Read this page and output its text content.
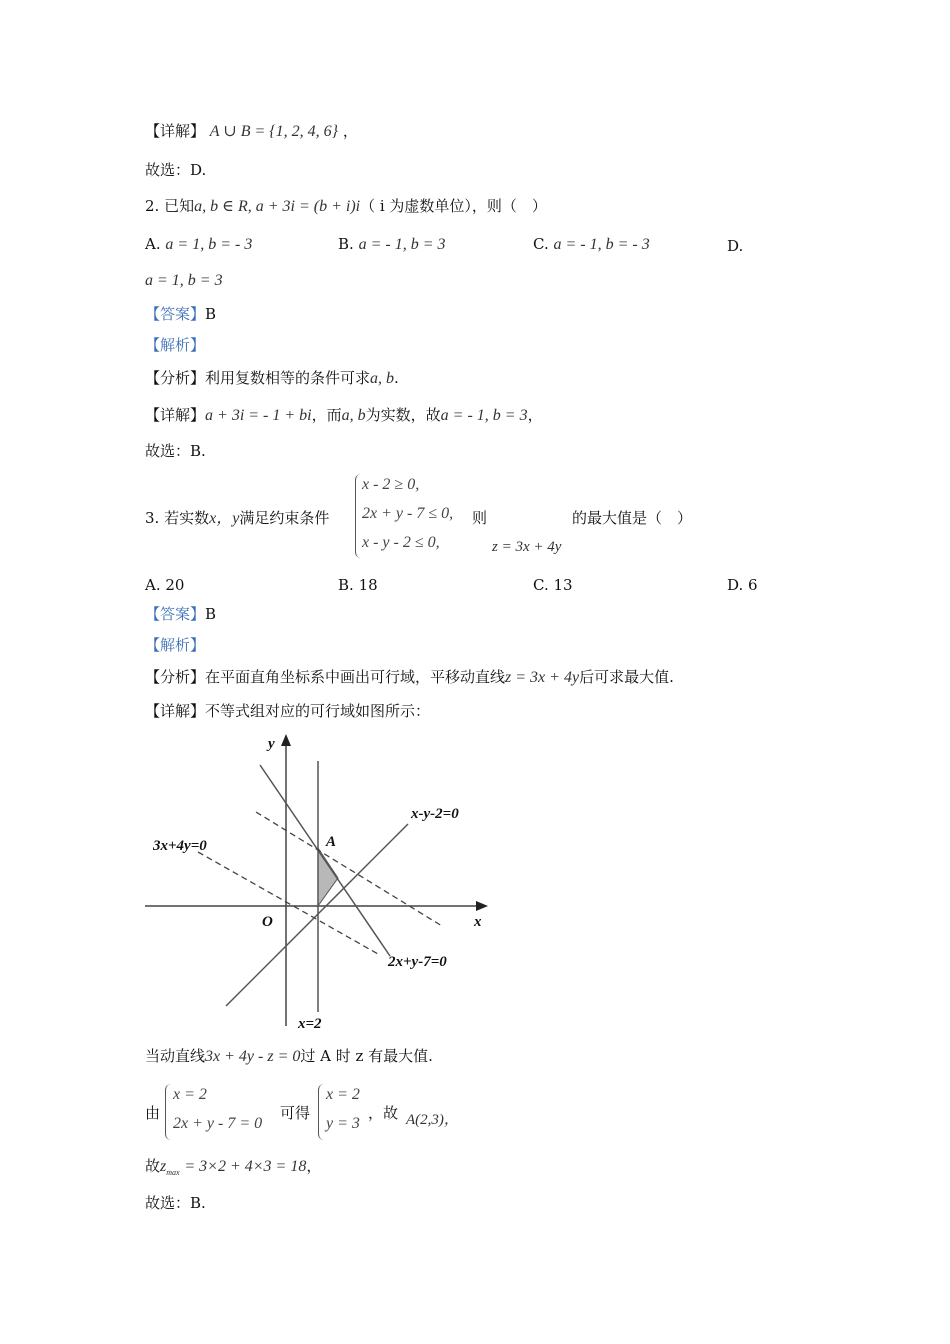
【详解】 A ∪ B = {1, 2, 4, 6} ，
故选：D.
2. 已知a, b ∈ R, a + 3i = (b + i)i（ i 为虚数单位），则（　）
A. a = 1, b = - 3	B. a = - 1, b = 3	C. a = - 1, b = - 3	D.
a = 1, b = 3
【答案】B
【解析】
【分析】利用复数相等的条件可求a, b.
【详解】a + 3i = - 1 + bi，而a, b为实数，故a = - 1, b = 3，
故选：B.
3. 若实数x，y满足约束条件
x - 2 ≥ 0,
2x + y - 7 ≤ 0,
x - y - 2 ≤ 0,
则
z = 3x + 4y
的最大值是（　）
A. 20	B. 18	C. 13	D. 6
【答案】B
【解析】
【分析】在平面直角坐标系中画出可行域，平移动直线z = 3x + 4y后可求最大值.
【详解】不等式组对应的可行域如图所示：
y
x
O
A
3x+4y=0
x-y-2=0
2x+y-7=0
x=2
当动直线3x + 4y - z = 0过 A 时 z 有最大值.
由
x = 2
2x + y - 7 = 0
可得
x = 2
y = 3
，故 A(2,3)，
故$z_{max} = 3\times 2 + 4\times 3 = 18$，
故选：B.
